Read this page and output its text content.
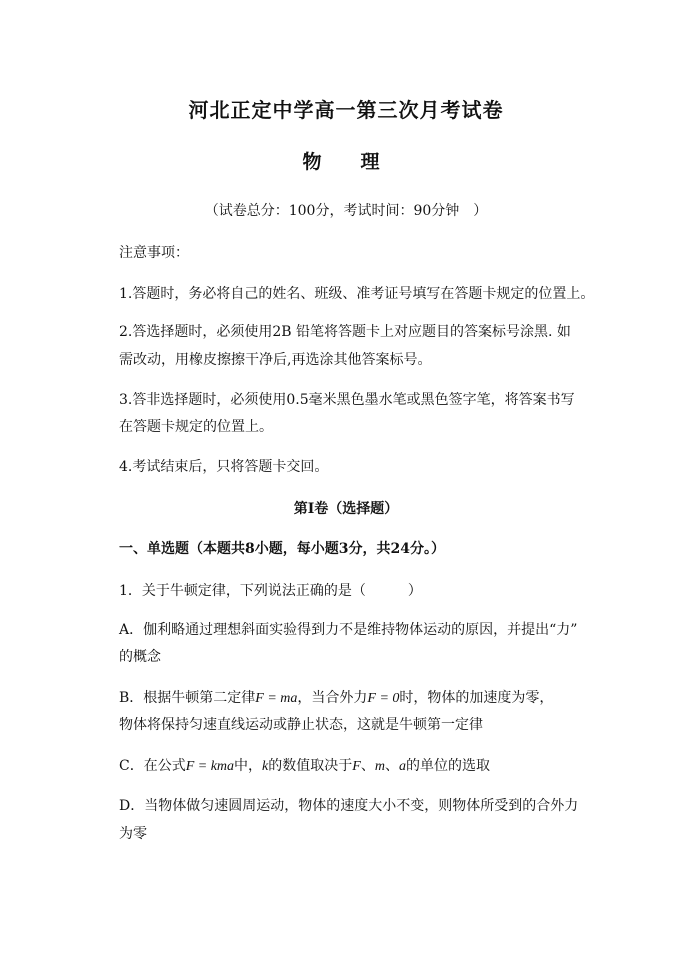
河北正定中学高一第三次月考试卷
物　理
（试卷总分：100分，考试时间：90分钟　）
注意事项：
1.答题时，务必将自己的姓名、班级、准考证号填写在答题卡规定的位置上。
2.答选择题时，必须使用2B 铅笔将答题卡上对应题目的答案标号涂黑. 如
需改动，用橡皮擦擦干净后,再选涂其他答案标号。
3.答非选择题时，必须使用0.5毫米黑色墨水笔或黑色签字笔，将答案书写
在答题卡规定的位置上。
4.考试结束后，只将答题卡交回。
第Ⅰ卷（选择题）
一、单选题（本题共8小题，每小题3分，共24分。）
1．关于牛顿定律，下列说法正确的是（　　　）
A．伽利略通过理想斜面实验得到力不是维持物体运动的原因，并提出“力”
的概念
B．根据牛顿第二定律F = ma，当合外力F = 0时，物体的加速度为零，
物体将保持匀速直线运动或静止状态，这就是牛顿第一定律
C．在公式F = kma中，k的数值取决于F、m、a的单位的选取
D．当物体做匀速圆周运动，物体的速度大小不变，则物体所受到的合外力
为零
